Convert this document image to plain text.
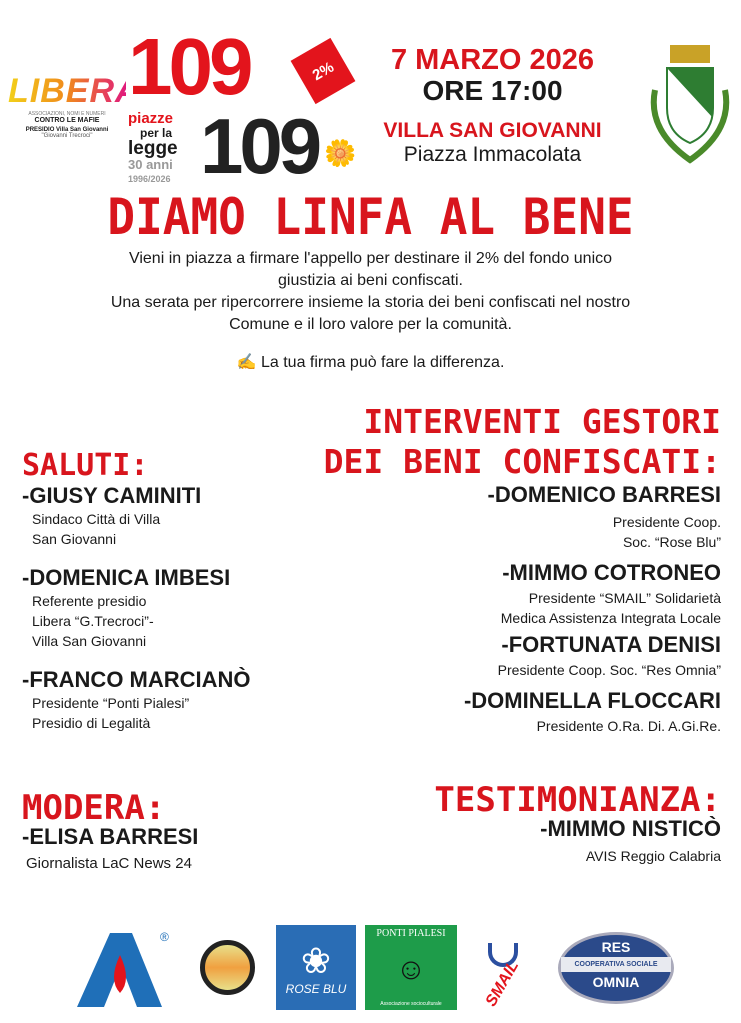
LIBERA
ASSOCIAZIONI, NOMI E NUMERI
CONTRO LE MAFIE
PRESIDIO Villa San Giovanni
"Giovanni Trecroci"
109
109 🌼
2%
piazze
per la
legge
30 anni
1996/2026
7 MARZO 2026
ORE 17:00
VILLA SAN GIOVANNI
Piazza Immacolata
DIAMO LINFA AL BENE
Vieni in piazza a firmare l'appello per destinare il 2% del fondo unico
giustizia ai beni confiscati.
Una serata per ripercorrere insieme la storia dei beni confiscati nel nostro
Comune e il loro valore per la comunità.
✍ La tua firma può fare la differenza.
SALUTI:
-GIUSY CAMINITI
Sindaco Città di Villa
San Giovanni
-DOMENICA IMBESI
Referente presidio
Libera “G.Trecroci”-
Villa San Giovanni
-FRANCO MARCIANÒ
Presidente “Ponti Pialesi”
Presidio di Legalità
MODERA:
-ELISA BARRESI
Giornalista LaC News 24
INTERVENTI GESTORI
DEI BENI CONFISCATI:
-DOMENICO BARRESI
Presidente Coop.
Soc. “Rose Blu”
-MIMMO COTRONEO
Presidente “SMAIL” Solidarietà
Medica Assistenza Integrata Locale
-FORTUNATA DENISI
Presidente Coop. Soc. “Res Omnia”
-DOMINELLA FLOCCARI
Presidente O.Ra. Di. A.Gi.Re.
TESTIMONIANZA:
-MIMMO NISTICÒ
AVIS Reggio Calabria
®
❀
ROSE BLU
PONTI PIALESI
☺
Associazione socioculturale	SMAIL
RES
COOPERATIVA SOCIALE
OMNIA
